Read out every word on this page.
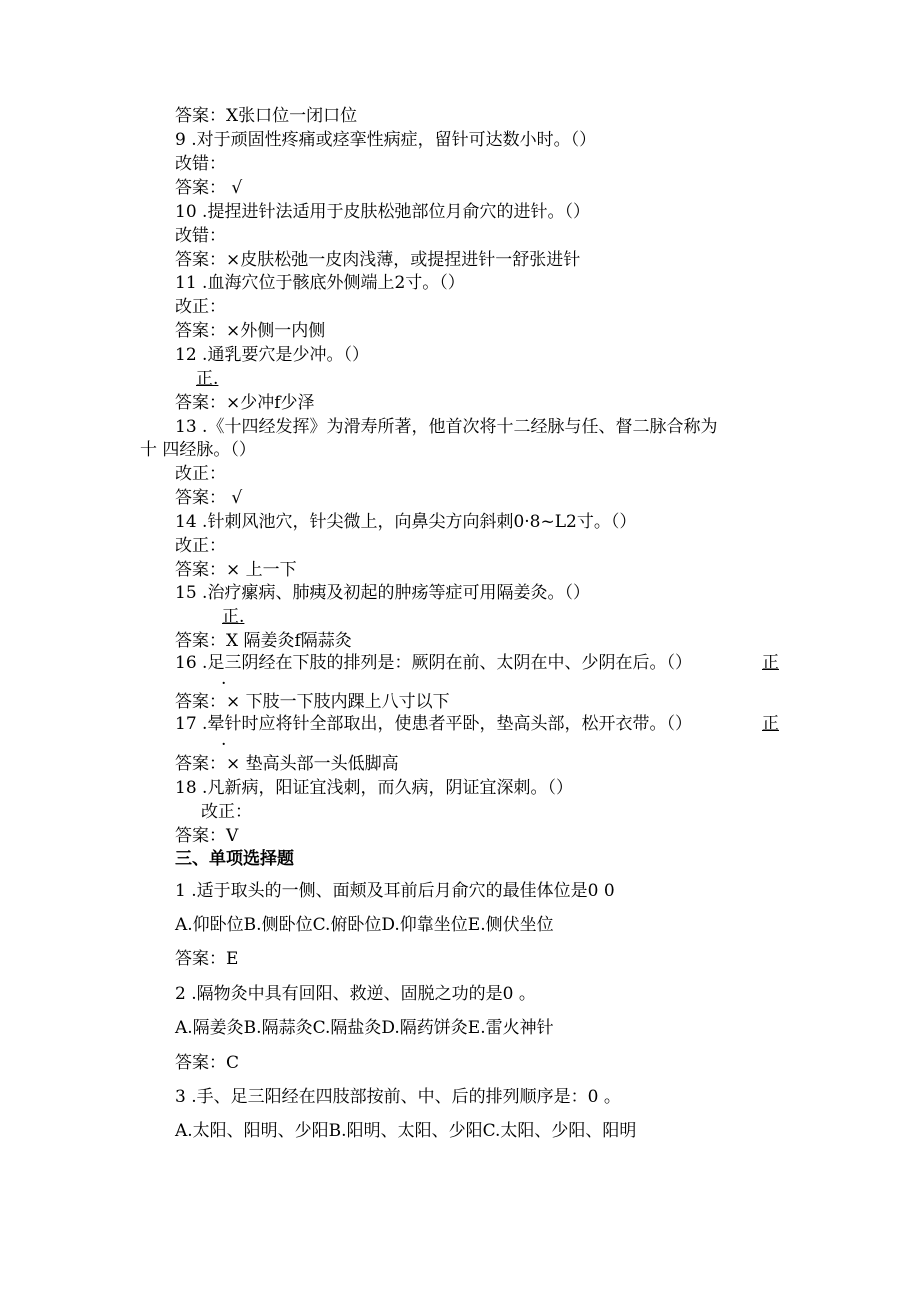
答案：X张口位一闭口位
9 .对于顽固性疼痛或痉挛性病症，留针可达数小时。（）
改错：
答案： √
10 .提捏进针法适用于皮肤松弛部位月俞穴的进针。（）
改错：
答案：×皮肤松弛一皮肉浅薄，或提捏进针一舒张进针
11 .血海穴位于骸底外侧端上2寸。（）
改正：
答案：×外侧一内侧
12 .通乳要穴是少冲。（）
正.
答案：×少冲f少泽
13 .《十四经发挥》为滑寿所著，他首次将十二经脉与任、督二脉合称为
十 四经脉。（）
改正：
答案： √
14 .针刺风池穴，针尖微上，向鼻尖方向斜刺0·8~L2寸。（）
改正：
答案：× 上一下
15 .治疗瘰病、肺痍及初起的肿疡等症可用隔姜灸。（）
正.
答案：X 隔姜灸f隔蒜灸
16 .足三阴经在下肢的排列是：厥阴在前、太阴在中、少阴在后。（）	正
.
答案：× 下肢一下肢内踝上八寸以下
17 .晕针时应将针全部取出，使患者平卧，垫高头部，松开衣带。（）	正
.
答案：× 垫高头部一头低脚高
18 .凡新病，阳证宜浅刺，而久病，阴证宜深刺。（）
改正：
答案：V
三、单项选择题
1 .适于取头的一侧、面颊及耳前后月俞穴的最佳体位是0 0
A.仰卧位B.侧卧位C.俯卧位D.仰靠坐位E.侧伏坐位
答案：E
2 .隔物灸中具有回阳、救逆、固脱之功的是0 。
A.隔姜灸B.隔蒜灸C.隔盐灸D.隔药饼灸E.雷火神针
答案：C
3 .手、足三阳经在四肢部按前、中、后的排列顺序是：0 。
A.太阳、阳明、少阳B.阳明、太阳、少阳C.太阳、少阳、阳明
